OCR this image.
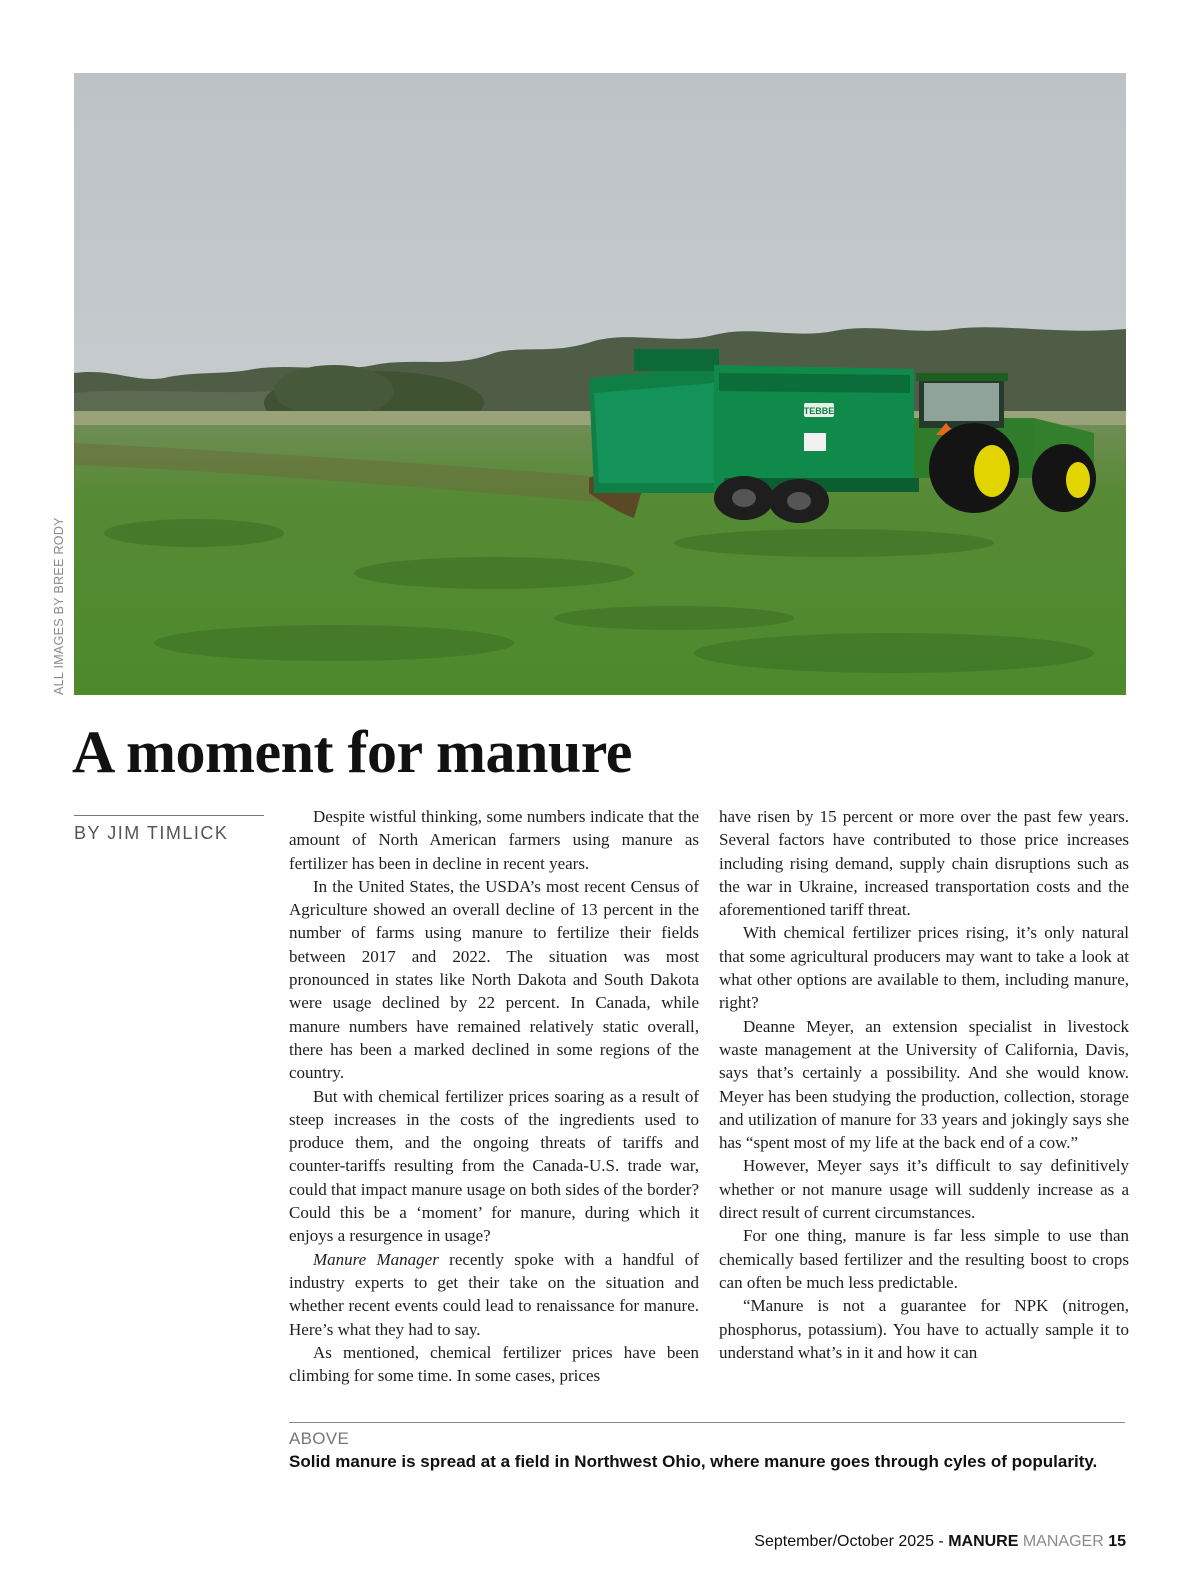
TEBBE
ALL IMAGES BY BREE RODY
A moment for manure
BY JIM TIMLICK

Despite wistful thinking, some numbers indicate that the amount of North American farmers using manure as fertilizer has been in decline in recent years.

In the United States, the USDA’s most recent Census of Agriculture showed an overall decline of 13 percent in the number of farms using manure to fertilize their fields between 2017 and 2022. The situation was most pronounced in states like North Dakota and South Dakota were usage declined by 22 percent. In Canada, while manure numbers have remained relatively static overall, there has been a marked declined in some regions of the country.

But with chemical fertilizer prices soaring as a result of steep increases in the costs of the ingredients used to produce them, and the ongoing threats of tariffs and counter-tariffs resulting from the Canada-U.S. trade war, could that impact manure usage on both sides of the border? Could this be a ‘moment’ for manure, during which it enjoys a resurgence in usage?

Manure Manager recently spoke with a handful of industry experts to get their take on the situation and whether recent events could lead to renaissance for manure. Here’s what they had to say.

As mentioned, chemical fertilizer prices have been climbing for some time. In some cases, prices

have risen by 15 percent or more over the past few years. Several factors have contributed to those price increases including rising demand, supply chain disruptions such as the war in Ukraine, increased transportation costs and the aforementioned tariff threat.

With chemical fertilizer prices rising, it’s only natural that some agricultural producers may want to take a look at what other options are available to them, including manure, right?

Deanne Meyer, an extension specialist in livestock waste management at the University of California, Davis, says that’s certainly a possibility. And she would know. Meyer has been studying the production, collection, storage and utilization of manure for 33 years and jokingly says she has “spent most of my life at the back end of a cow.”

However, Meyer says it’s difficult to say definitively whether or not manure usage will suddenly increase as a direct result of current circumstances.

For one thing, manure is far less simple to use than chemically based fertilizer and the resulting boost to crops can often be much less predictable.

“Manure is not a guarantee for NPK (nitrogen, phosphorus, potassium). You have to actually sample it to understand what’s in it and how it can

ABOVE
Solid manure is spread at a field in Northwest Ohio, where manure goes through cyles of popularity.
September/October 2025 - MANURE MANAGER 15
